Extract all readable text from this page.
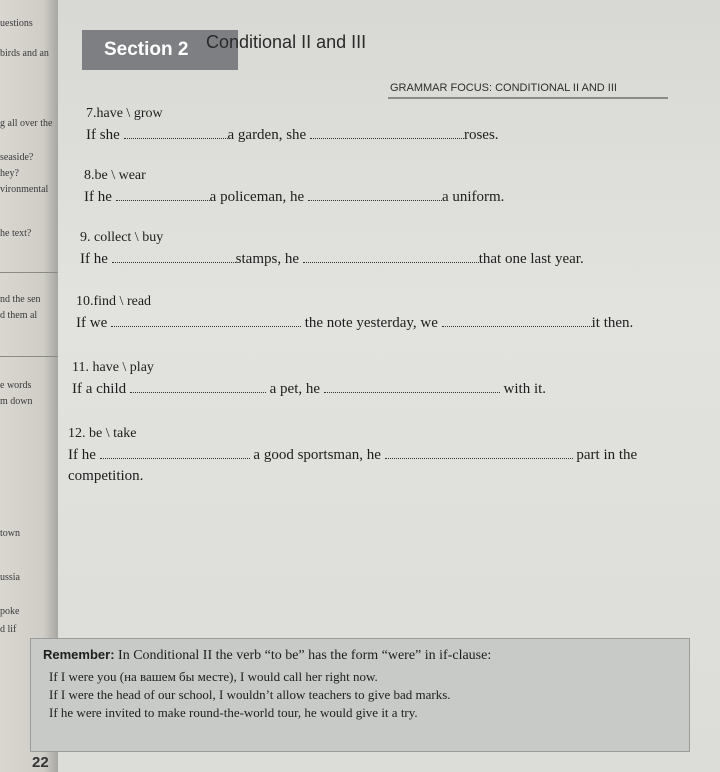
uestions
birds and an
g all over the
seaside?
hey?
vironmental
he text?
nd the sen
d them al
e words
m down
town
ussia
poke
d lif
Section 2 Conditional II and III
GRAMMAR FOCUS: CONDITIONAL II AND III
7.have \ grow
If she	a garden, she	roses.
8.be \ wear
If he	a policeman, he	a uniform.
9. collect \ buy
If he	stamps, he	that one last year.
10.find \ read
If we	the note yesterday, we	it then.
11. have \ play
If a child	a pet, he	with it.
12. be \ take
If he	a good sportsman, he	part in the
competition.
Remember: In Conditional II the verb “to be” has the form “were” in if-clause:
If I were you (на вашем бы месте), I would call her right now.
If I were the head of our school, I wouldn’t allow teachers to give bad marks.
If he were invited to make round-the-world tour, he would give it a try.
22
